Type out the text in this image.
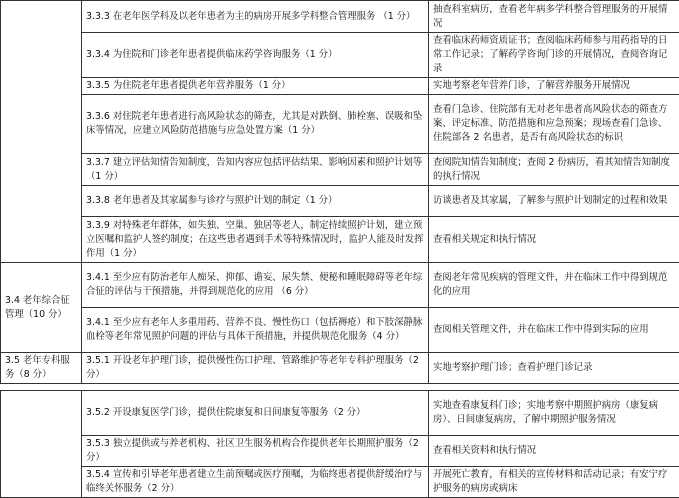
	3.3.3 在老年医学科及以老年患者为主的病房开展多学科整合管理服务 （1 分）	抽查科室病历，查看老年病多学科整合管理服务的开展情况
	3.3.4 为住院和门诊老年患者提供临床药学咨询服务（1 分）	查看临床药师资质证书；查阅临床药师参与用药指导的日常工作记录；了解药学咨询门诊的开展情况，查阅咨询记录
	3.3.5 为住院老年患者提供老年营养服务（1 分）	实地考察老年营养门诊，了解营养服务开展情况
	3.3.6 对住院老年患者进行高风险状态的筛查，尤其是对跌倒、肺栓塞、误吸和坠床等情况，应建立风险防范措施与应急处置方案（1 分）	查看门急诊、住院部有无对老年患者高风险状态的筛查方案、评定标准、防范措施和应急预案；现场查看门急诊、住院部各 2 名患者，是否有高风险状态的标识
	3.3.7 建立评估知情告知制度，告知内容应包括评估结果、影响因素和照护计划等（1 分）	查阅院知情告知制度；查阅 2 份病历，看其知情告知制度的执行情况
	3.3.8 老年患者及其家属参与诊疗与照护计划的制定（1 分）	访谈患者及其家属，了解参与照护计划制定的过程和效果
	3.3.9 对特殊老年群体，如失独、空巢、独居等老人，制定持续照护计划，建立预立医嘱和监护人签约制度；在这些患者遇到手术等特殊情况时，监护人能及时发挥作用（1 分）	查看相关规定和执行情况
3.4 老年综合征管理（10 分）	3.4.1 至少应有防治老年人痴呆、抑郁、谵妄、尿失禁、便秘和睡眠障碍等老年综合征的评估与干预措施，并得到规范化的应用 （6 分）	查阅老年常见疾病的管理文件，并在临床工作中得到规范化的应用
	3.4.1 至少应有老年人多重用药、营养不良、慢性伤口（包括褥疮）和下肢深静脉血栓等老年常见照护问题的评估与具体干预措施，并提供规范化服务（4 分）	查阅相关管理文件，并在临床工作中得到实际的应用
3.5 老年专科服务（8 分）	3.5.1 开设老年护理门诊，提供慢性伤口护理、管路维护等老年专科护理服务（2 分）	实地考察护理门诊；查看护理门诊记录

	3.5.2 开设康复医学门诊，提供住院康复和日间康复等服务（2 分）	实地查看康复科门诊；实地考察中期照护病房（康复病房）、日间康复病房，了解中期照护服务情况
	3.5.3 独立提供或与养老机构、社区卫生服务机构合作提供老年长期照护服务（2 分）	查看相关资料和执行情况
	3.5.4 宣传和引导老年患者建立生前预嘱或医疗预嘱，为临终患者提供舒缓治疗与临终关怀服务（2 分）	开展死亡教育，有相关的宣传材料和活动记录；有安宁疗护服务的病房或病床
